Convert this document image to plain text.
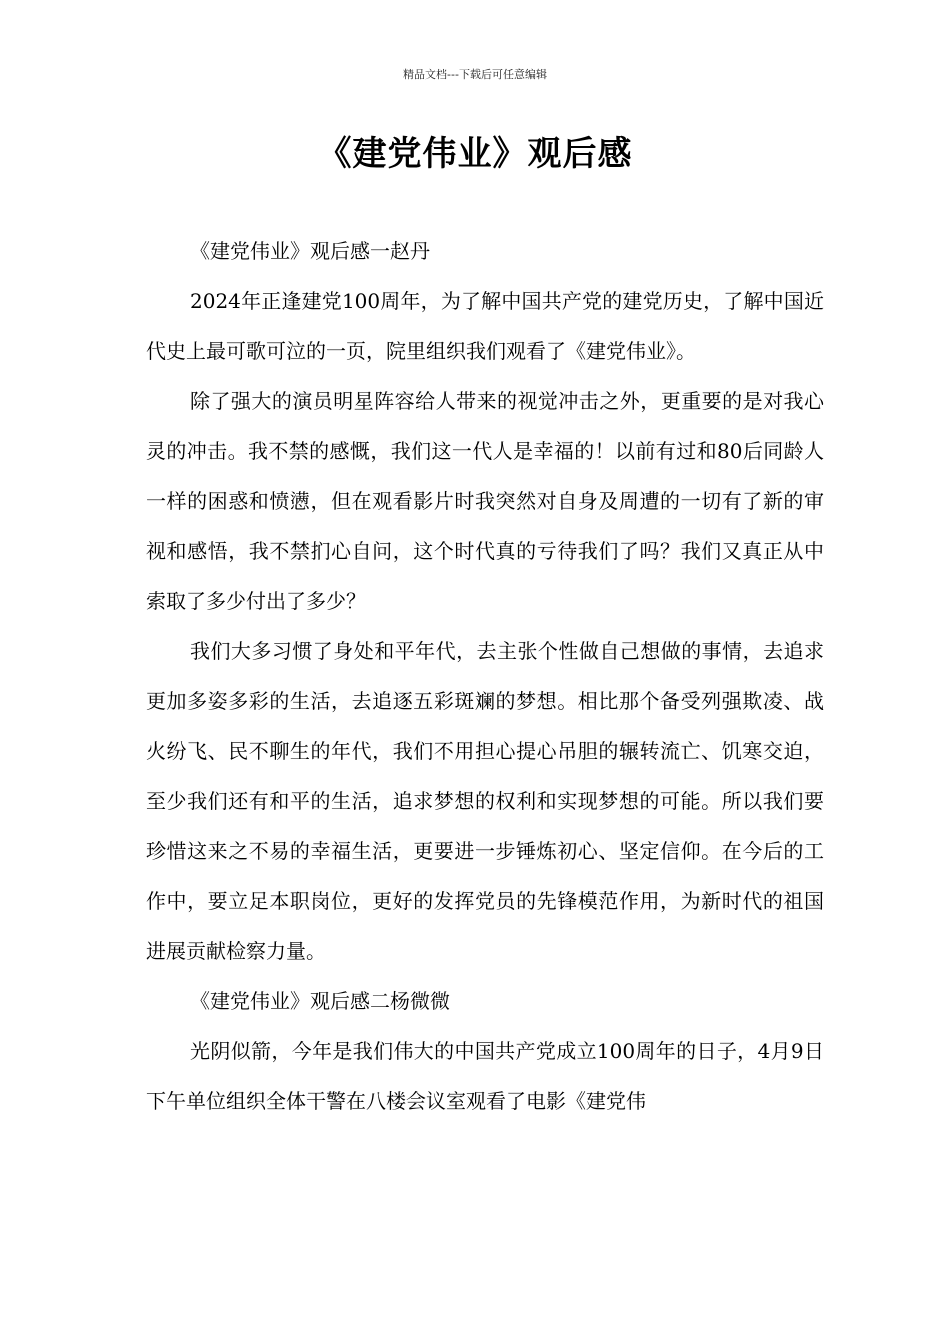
精品文档---下载后可任意编辑
《建党伟业》观后感

《建党伟业》观后感一赵丹

2024年正逢建党100周年，为了解中国共产党的建党历史，了解中国近代史上最可歌可泣的一页，院里组织我们观看了《建党伟业》。

除了强大的演员明星阵容给人带来的视觉冲击之外，更重要的是对我心灵的冲击。我不禁的感慨，我们这一代人是幸福的！以前有过和80后同龄人一样的困惑和愤懑，但在观看影片时我突然对自身及周遭的一切有了新的审视和感悟，我不禁扪心自问，这个时代真的亏待我们了吗？我们又真正从中索取了多少付出了多少？

我们大多习惯了身处和平年代，去主张个性做自己想做的事情，去追求更加多姿多彩的生活，去追逐五彩斑斓的梦想。相比那个备受列强欺凌、战火纷飞、民不聊生的年代，我们不用担心提心吊胆的辗转流亡、饥寒交迫，至少我们还有和平的生活，追求梦想的权利和实现梦想的可能。所以我们要珍惜这来之不易的幸福生活，更要进一步锤炼初心、坚定信仰。在今后的工作中，要立足本职岗位，更好的发挥党员的先锋模范作用，为新时代的祖国进展贡献检察力量。

《建党伟业》观后感二杨微微

光阴似箭，今年是我们伟大的中国共产党成立100周年的日子，4月9日下午单位组织全体干警在八楼会议室观看了电影《建党伟
